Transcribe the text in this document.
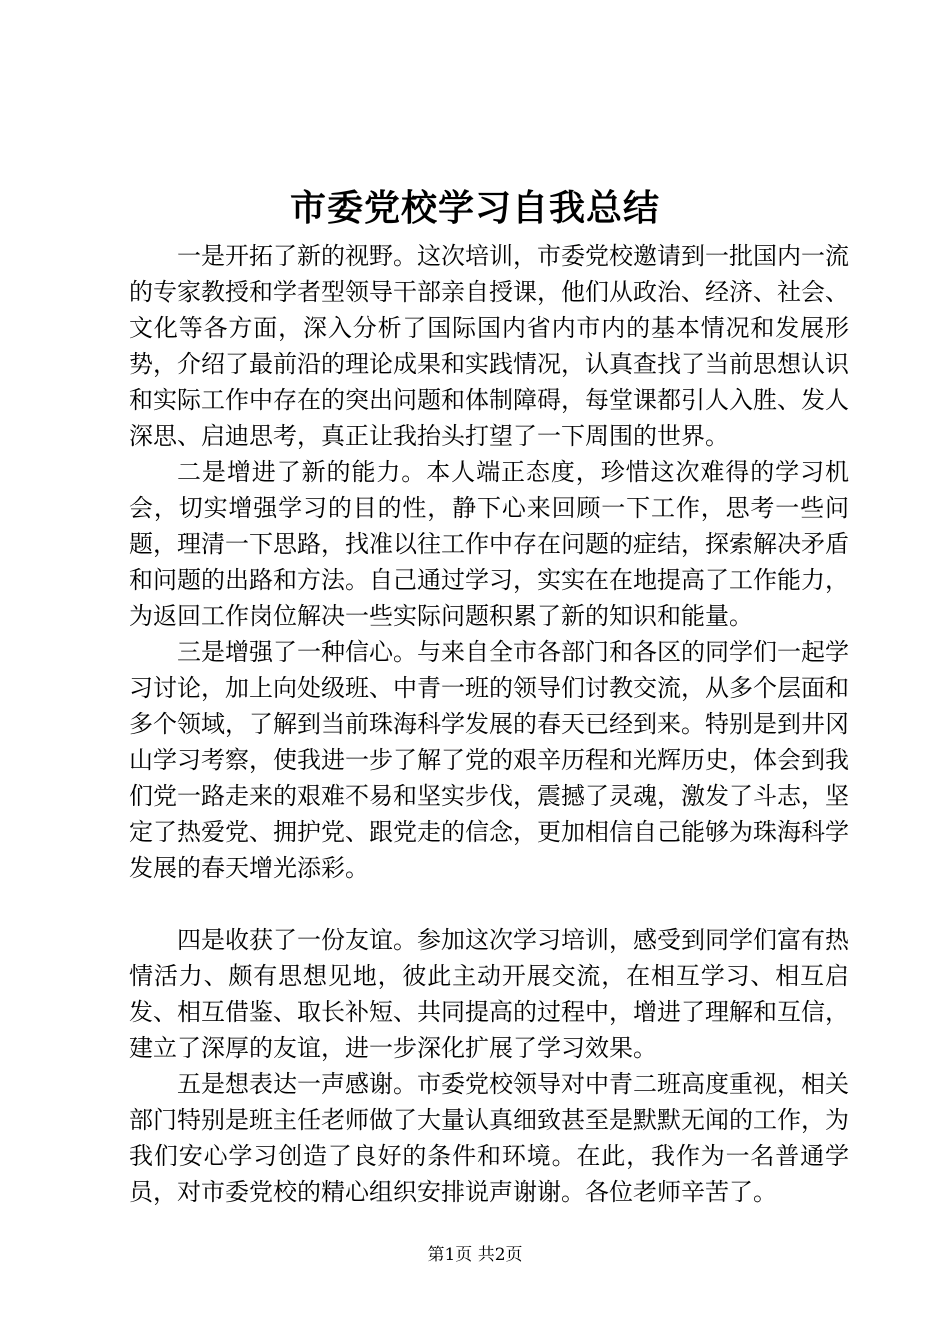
市委党校学习自我总结

一是开拓了新的视野。这次培训，市委党校邀请到一批国内一流的专家教授和学者型领导干部亲自授课，他们从政治、经济、社会、文化等各方面，深入分析了国际国内省内市内的基本情况和发展形势，介绍了最前沿的理论成果和实践情况，认真查找了当前思想认识和实际工作中存在的突出问题和体制障碍，每堂课都引人入胜、发人深思、启迪思考，真正让我抬头打望了一下周围的世界。

二是增进了新的能力。本人端正态度，珍惜这次难得的学习机会，切实增强学习的目的性，静下心来回顾一下工作，思考一些问题，理清一下思路，找准以往工作中存在问题的症结，探索解决矛盾和问题的出路和方法。自己通过学习，实实在在地提高了工作能力，为返回工作岗位解决一些实际问题积累了新的知识和能量。

三是增强了一种信心。与来自全市各部门和各区的同学们一起学习讨论，加上向处级班、中青一班的领导们讨教交流，从多个层面和多个领域，了解到当前珠海科学发展的春天已经到来。特别是到井冈山学习考察，使我进一步了解了党的艰辛历程和光辉历史，体会到我们党一路走来的艰难不易和坚实步伐，震撼了灵魂，激发了斗志，坚定了热爱党、拥护党、跟党走的信念，更加相信自己能够为珠海科学发展的春天增光添彩。

四是收获了一份友谊。参加这次学习培训，感受到同学们富有热情活力、颇有思想见地，彼此主动开展交流，在相互学习、相互启发、相互借鉴、取长补短、共同提高的过程中，增进了理解和互信，建立了深厚的友谊，进一步深化扩展了学习效果。

五是想表达一声感谢。市委党校领导对中青二班高度重视，相关部门特别是班主任老师做了大量认真细致甚至是默默无闻的工作，为我们安心学习创造了良好的条件和环境。在此，我作为一名普通学员，对市委党校的精心组织安排说声谢谢。各位老师辛苦了。

第1页 共2页
